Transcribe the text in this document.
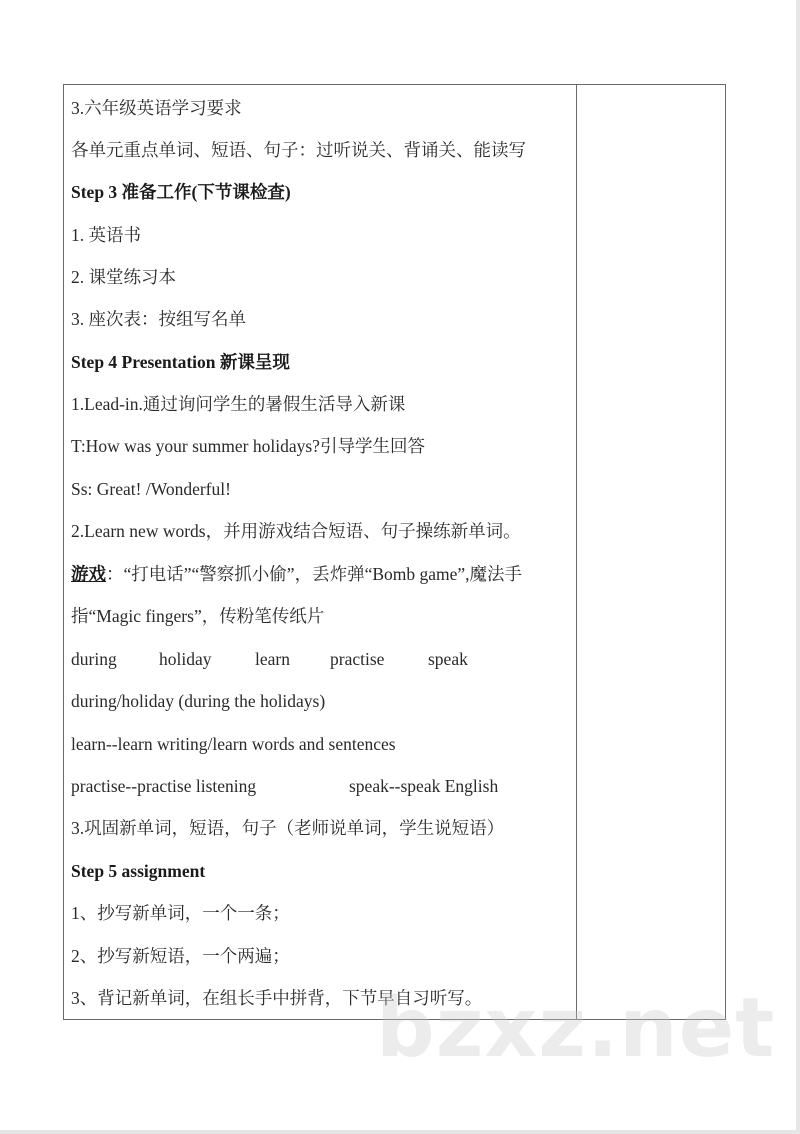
3.六年级英语学习要求
各单元重点单词、短语、句子：过听说关、背诵关、能读写
Step 3 准备工作(下节课检查)
1. 英语书
2. 课堂练习本
3. 座次表：按组写名单
Step 4 Presentation 新课呈现
1.Lead-in.通过询问学生的暑假生活导入新课
T:How was your summer holidays?引导学生回答
Ss: Great! /Wonderful!
2.Learn new words，并用游戏结合短语、句子操练新单词。
游戏：“打电话”“警察抓小偷”，丢炸弹“Bomb game”,魔法手
指“Magic fingers”，传粉笔传纸片
during holiday learn practise speak
during/holiday (during the holidays)
learn--learn writing/learn words and sentences
practise--practise listening	speak--speak English
3.巩固新单词，短语，句子（老师说单词，学生说短语）
Step 5 assignment
1、抄写新单词，一个一条；
2、抄写新短语，一个两遍；
3、背记新单词，在组长手中拼背，下节早自习听写。
bzxz.net
